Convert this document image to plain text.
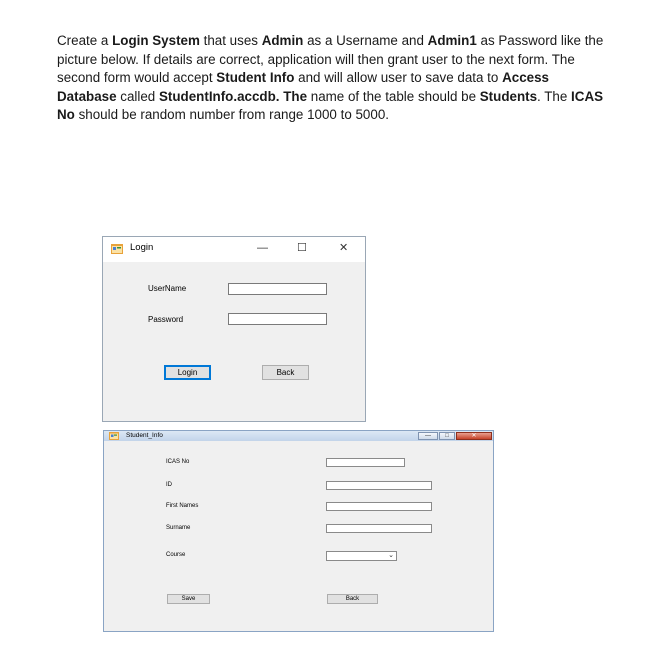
Create a Login System that uses Admin as a Username and Admin1 as Password like the picture below. If details are correct, application will then grant user to the next form. The second form would accept Student Info and will allow user to save data to Access Database called StudentInfo.accdb. The name of the table should be Students. The ICAS No should be random number from range 1000 to 5000.
Login	—	☐	✕
UserName
Password
Login	Back
Student_Info	—	□	✕
ICAS No
ID
First Names
Surname
Course	⌄
Save	Back
